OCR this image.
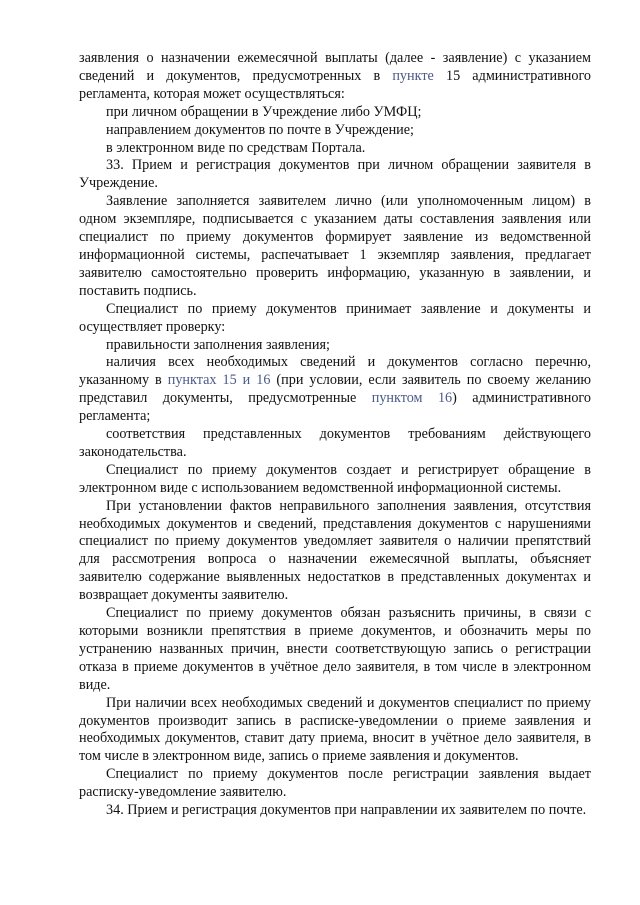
заявления о назначении ежемесячной выплаты (далее - заявление) с указанием сведений и документов, предусмотренных в пункте 15 административного регламента, которая может осуществляться:

при личном обращении в Учреждение либо УМФЦ;

направлением документов по почте в Учреждение;

в электронном виде по средствам Портала.

33. Прием и регистрация документов при личном обращении заявителя в Учреждение.

Заявление заполняется заявителем лично (или уполномоченным лицом) в одном экземпляре, подписывается с указанием даты составления заявления или специалист по приему документов формирует заявление из ведомственной информационной системы, распечатывает 1 экземпляр заявления, предлагает заявителю самостоятельно проверить информацию, указанную в заявлении, и поставить подпись.

Специалист по приему документов принимает заявление и документы и осуществляет проверку:

правильности заполнения заявления;

наличия всех необходимых сведений и документов согласно перечню, указанному в пунктах 15 и 16 (при условии, если заявитель по своему желанию представил документы, предусмотренные пунктом 16) административного регламента;

соответствия представленных документов требованиям действующего законодательства.

Специалист по приему документов создает и регистрирует обращение в электронном виде с использованием ведомственной информационной системы.

При установлении фактов неправильного заполнения заявления, отсутствия необходимых документов и сведений, представления документов с нарушениями специалист по приему документов уведомляет заявителя о наличии препятствий для рассмотрения вопроса о назначении ежемесячной выплаты, объясняет заявителю содержание выявленных недостатков в представленных документах и возвращает документы заявителю.

Специалист по приему документов обязан разъяснить причины, в связи с которыми возникли препятствия в приеме документов, и обозначить меры по устранению названных причин, внести соответствующую запись о регистрации отказа в приеме документов в учётное дело заявителя, в том числе в электронном виде.

При наличии всех необходимых сведений и документов специалист по приему документов производит запись в расписке-уведомлении о приеме заявления и необходимых документов, ставит дату приема, вносит в учётное дело заявителя, в том числе в электронном виде, запись о приеме заявления и документов.

Специалист по приему документов после регистрации заявления выдает расписку-уведомление заявителю.

34. Прием и регистрация документов при направлении их заявителем по почте.
